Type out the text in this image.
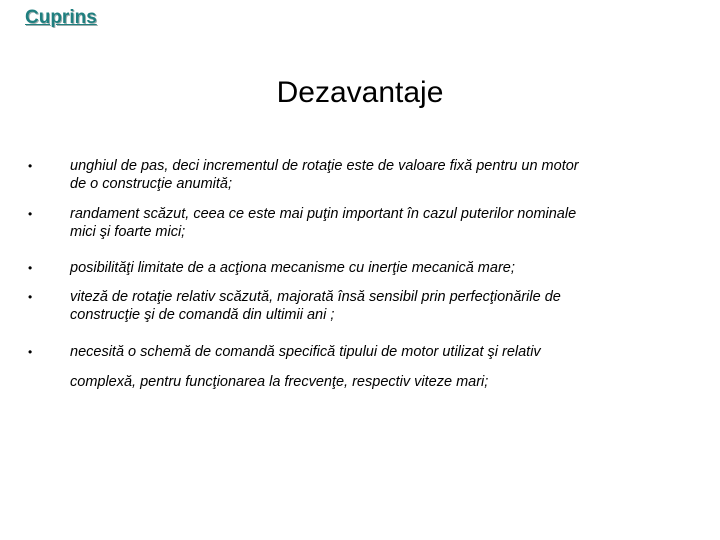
Cuprins
Dezavantaje
•	unghiul de pas, deci incrementul de rotaţie este de valoare fixă pentru un motor
de o construcţie anumită;
•	randament scăzut, ceea ce este mai puţin important în cazul puterilor nominale
mici şi foarte mici;
•	posibilităţi limitate de a acţiona mecanisme cu inerţie mecanică mare;
•	viteză de rotaţie relativ scăzută, majorată însă sensibil prin perfecţionările de
construcţie şi de comandă din ultimii ani ;
•	necesită o schemă de comandă specifică tipului de motor utilizat şi relativ
complexă, pentru funcţionarea la frecvenţe, respectiv viteze mari;
